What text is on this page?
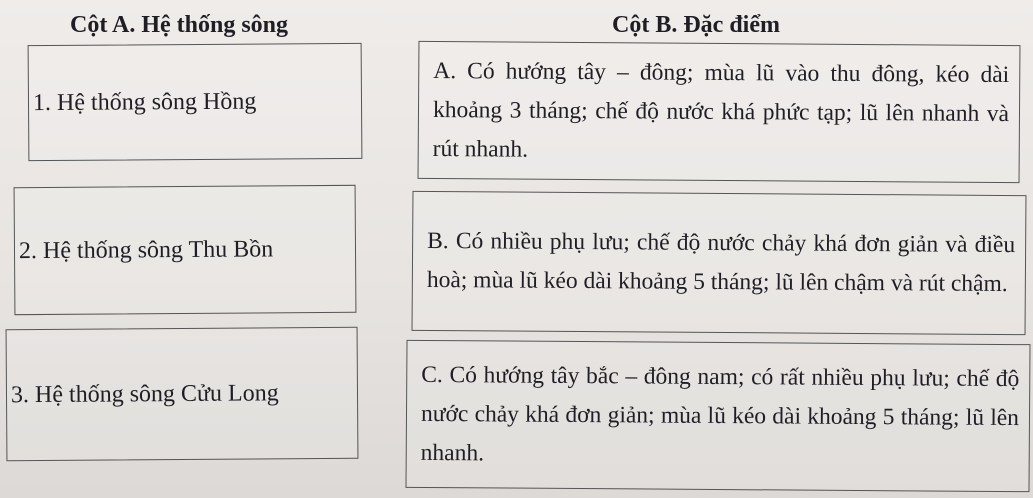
Cột A. Hệ thống sông	Cột B. Đặc điểm
1. Hệ thống sông Hồng
2. Hệ thống sông Thu Bồn
3. Hệ thống sông Cửu Long
A. Có hướng tây – đông; mùa lũ vào thu đông, kéo dài khoảng 3 tháng; chế độ nước khá phức tạp; lũ lên nhanh và rút nhanh.
B. Có nhiều phụ lưu; chế độ nước chảy khá đơn giản và điều hoà; mùa lũ kéo dài khoảng 5 tháng; lũ lên chậm và rút chậm.
C. Có hướng tây bắc – đông nam; có rất nhiều phụ lưu; chế độ nước chảy khá đơn giản; mùa lũ kéo dài khoảng 5 tháng; lũ lên nhanh.
